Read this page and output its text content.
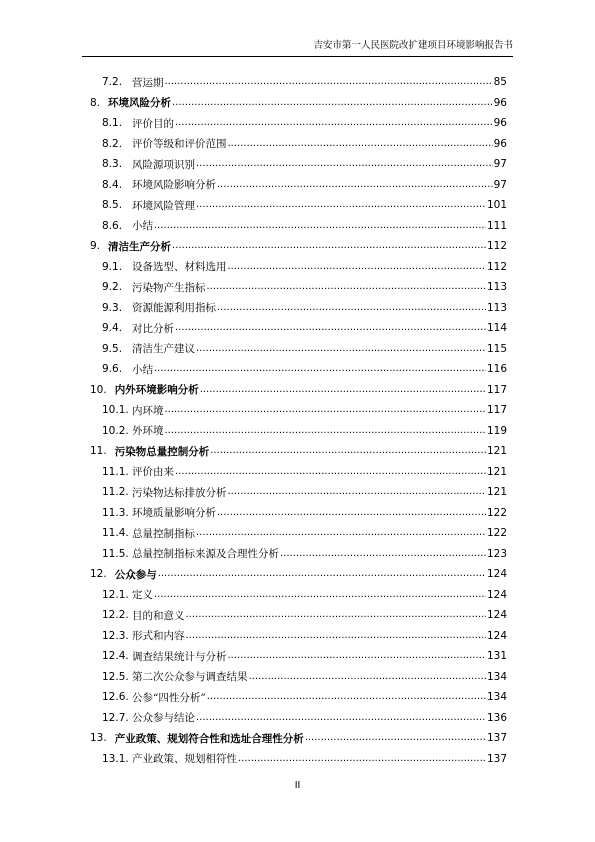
吉安市第一人民医院改扩建项目环境影响报告书
7.2. 营运期 .....	85
8. 环境风险分析 .....	96
8.1. 评价目的 .....	96
8.2. 评价等级和评价范围 .....	96
8.3. 风险源项识别 .....	97
8.4. 环境风险影响分析 .....	97
8.5. 环境风险管理 .....	101
8.6. 小结 .....	111
9. 清洁生产分析 .....	112
9.1. 设备选型、材料选用 .....	112
9.2. 污染物产生指标 .....	113
9.3. 资源能源利用指标 .....	113
9.4. 对比分析 .....	114
9.5. 清洁生产建议 .....	115
9.6. 小结 .....	116
10. 内外环境影响分析 .....	117
10.1. 内环境 .....	117
10.2. 外环境 .....	119
11. 污染物总量控制分析 .....	121
11.1. 评价由来 .....	121
11.2. 污染物达标排放分析 .....	121
11.3. 环境质量影响分析 .....	122
11.4. 总量控制指标 .....	122
11.5. 总量控制指标来源及合理性分析 .....	123
12. 公众参与 .....	124
12.1. 定义 .....	124
12.2. 目的和意义 .....	124
12.3. 形式和内容 .....	124
12.4. 调查结果统计与分析 .....	131
12.5. 第二次公众参与调查结果 .....	134
12.6. 公参“四性分析” .....	134
12.7. 公众参与结论 .....	136
13. 产业政策、规划符合性和选址合理性分析 .....	137
13.1. 产业政策、规划相符性 .....	137
II
